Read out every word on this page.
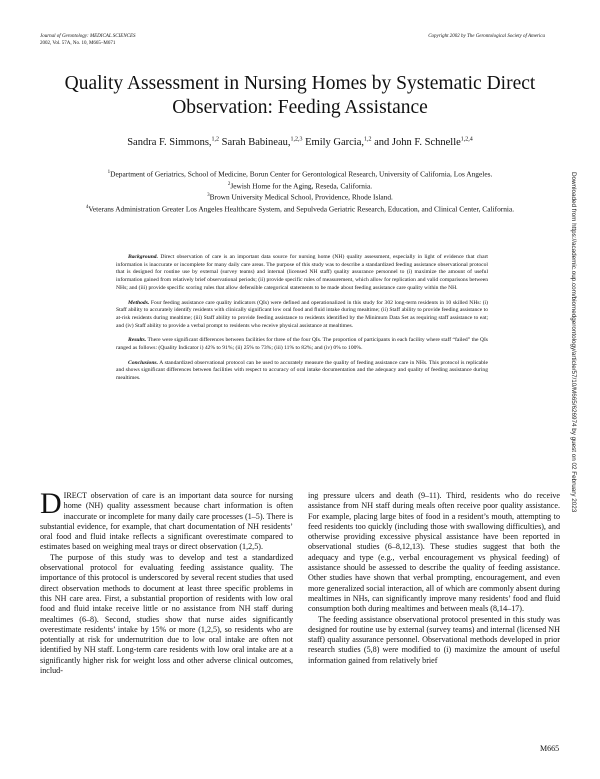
Journal of Gerontology: MEDICAL SCIENCES
2002, Vol. 57A, No. 10, M665–M671
Copyright 2002 by The Gerontological Society of America
Quality Assessment in Nursing Homes by Systematic Direct Observation: Feeding Assistance
Sandra F. Simmons,$^{1,2}$ Sarah Babineau,$^{1,2,3}$ Emily Garcia,$^{1,2}$ and John F. Schnelle$^{1,2,4}$
$^1$Department of Geriatrics, School of Medicine, Borun Center for Gerontological Research, University of California, Los Angeles.
$^2$Jewish Home for the Aging, Reseda, California.
$^3$Brown University Medical School, Providence, Rhode Island.
$^4$Veterans Administration Greater Los Angeles Healthcare System, and Sepulveda Geriatric Research, Education, and Clinical Center, California.	Downloaded from https://academic.oup.com/biomedgerontology/article/57/10/M665/626974 by guest on 02 February 2023

Background. Direct observation of care is an important data source for nursing home (NH) quality assessment, especially in light of evidence that chart information is inaccurate or incomplete for many daily care areas. The purpose of this study was to describe a standardized feeding assistance observational protocol that is designed for routine use by external (survey teams) and internal (licensed NH staff) quality assurance personnel to (i) maximize the amount of useful information gained from relatively brief observational periods; (ii) provide specific rules of measurement, which allow for replication and valid comparisons between NHs; and (iii) provide specific scoring rules that allow defensible categorical statements to be made about feeding assistance care quality within the NH.

Methods. Four feeding assistance care quality indicators (QIs) were defined and operationalized in this study for 302 long-term residents in 10 skilled NHs: (i) Staff ability to accurately identify residents with clinically significant low oral food and fluid intake during mealtime; (ii) Staff ability to provide feeding assistance to at-risk residents during mealtime; (iii) Staff ability to provide feeding assistance to residents identified by the Minimum Data Set as requiring staff assistance to eat; and (iv) Staff ability to provide a verbal prompt to residents who receive physical assistance at mealtimes.

Results. There were significant differences between facilities for three of the four QIs. The proportion of participants in each facility where staff “failed” the QIs ranged as follows: (Quality Indicator i) 42% to 91%; (ii) 25% to 73%; (iii) 11% to 82%; and (iv) 0% to 100%.

Conclusions. A standardized observational protocol can be used to accurately measure the quality of feeding assistance care in NHs. This protocol is replicable and shows significant differences between facilities with respect to accuracy of oral intake documentation and the adequacy and quality of feeding assistance during mealtimes.

DIRECT observation of care is an important data source for nursing home (NH) quality assessment because chart information is often inaccurate or incomplete for many daily care processes (1–5). There is substantial evidence, for example, that chart documentation of NH residents’ oral food and fluid intake reflects a significant overestimate compared to estimates based on weighing meal trays or direct observation (1,2,5).

The purpose of this study was to develop and test a standardized observational protocol for evaluating feeding assistance quality. The importance of this protocol is underscored by several recent studies that used direct observation methods to document at least three specific problems in this NH care area. First, a substantial proportion of residents with low oral food and fluid intake receive little or no assistance from NH staff during mealtimes (6–8). Second, studies show that nurse aides significantly overestimate residents’ intake by 15% or more (1,2,5), so residents who are potentially at risk for undernutrition due to low oral intake are often not identified by NH staff. Long-term care residents with low oral intake are at a significantly higher risk for weight loss and other adverse clinical outcomes, includ-

ing pressure ulcers and death (9–11). Third, residents who do receive assistance from NH staff during meals often receive poor quality assistance. For example, placing large bites of food in a resident’s mouth, attempting to feed residents too quickly (including those with swallowing difficulties), and otherwise providing excessive physical assistance have been reported in observational studies (6–8,12,13). These studies suggest that both the adequacy and type (e.g., verbal encouragement vs physical feeding) of assistance should be assessed to describe the quality of feeding assistance. Other studies have shown that verbal prompting, encouragement, and even more generalized social interaction, all of which are commonly absent during mealtimes in NHs, can significantly improve many residents’ food and fluid consumption both during mealtimes and between meals (8,14–17).

The feeding assistance observational protocol presented in this study was designed for routine use by external (survey teams) and internal (licensed NH staff) quality assurance personnel. Observational methods developed in prior research studies (5,8) were modified to (i) maximize the amount of useful information gained from relatively brief

M665
